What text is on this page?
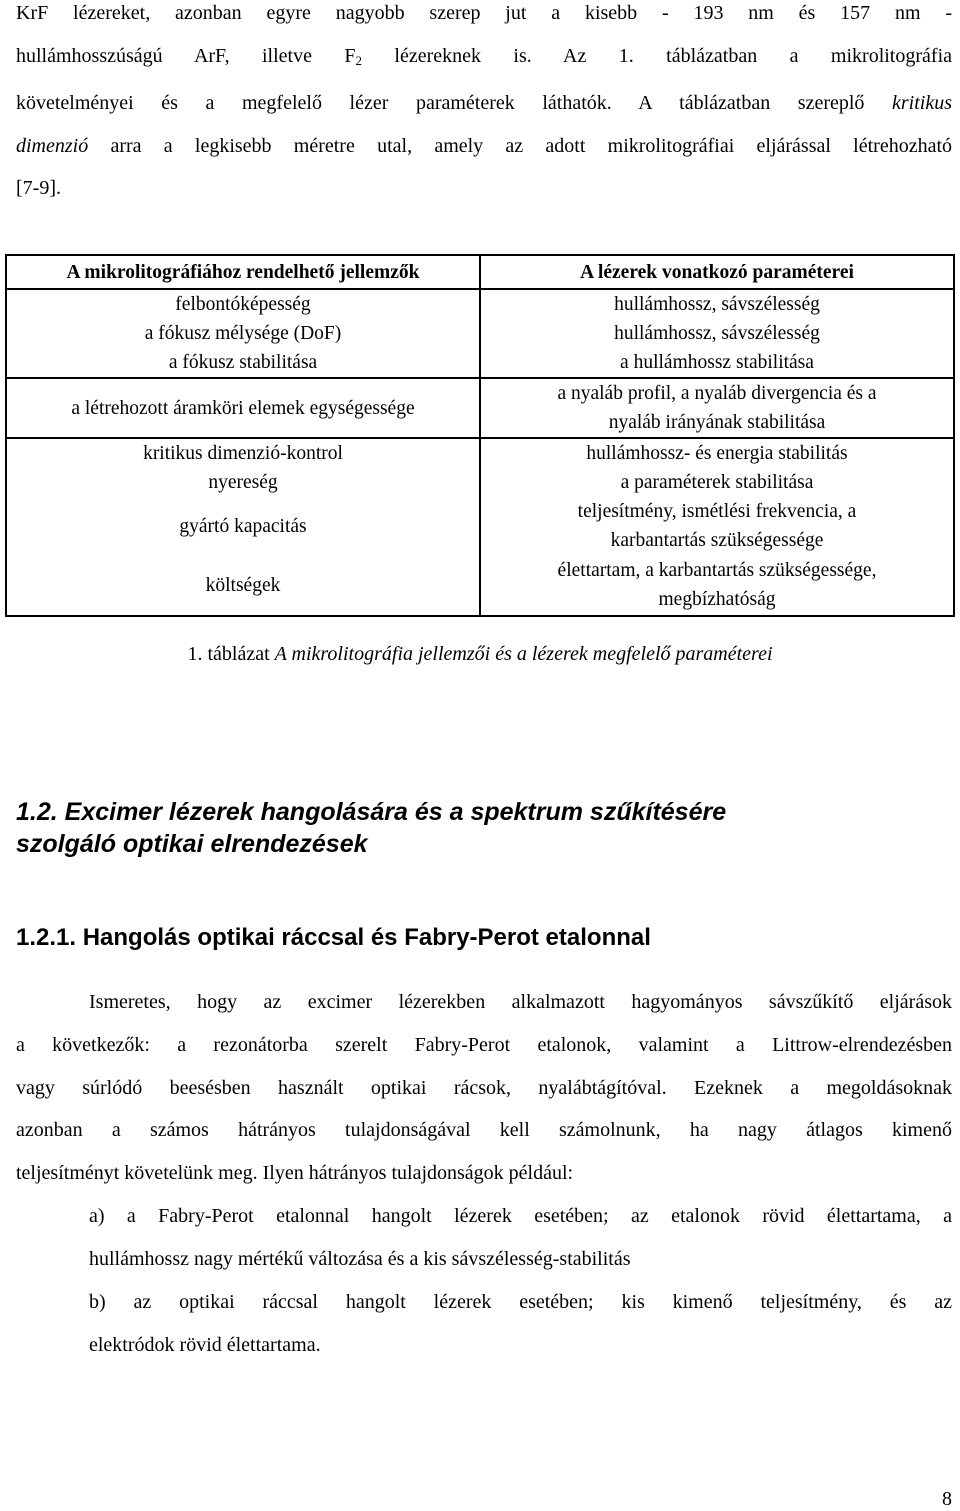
KrF lézereket, azonban egyre nagyobb szerep jut a kisebb - 193 nm és 157 nm -
hullámhosszúságú ArF, illetve $F_2$ lézereknek is. Az 1. táblázatban a mikrolitográfia
követelményei és a megfelelő lézer paraméterek láthatók. A táblázatban szereplő kritikus
dimenzió arra a legkisebb méretre utal, amely az adott mikrolitográfiai eljárással létrehozható
[7-9].
A mikrolitográfiához rendelhető jellemzők	A lézerek vonatkozó paraméterei
felbontóképesség	hullámhossz, sávszélesség
a fókusz mélysége (DoF)	hullámhossz, sávszélesség
a fókusz stabilitása	a hullámhossz stabilitása
a létrehozott áramköri elemek egységessége	a nyaláb profil, a nyaláb divergencia és a
nyaláb irányának stabilitása
kritikus dimenzió-kontrol	hullámhossz- és energia stabilitás
nyereség	a paraméterek stabilitása
gyártó kapacitás	teljesítmény, ismétlési frekvencia, a
karbantartás szükségessége
költségek	élettartam, a karbantartás szükségessége,
megbízhatóság
1. táblázat A mikrolitográfia jellemzői és a lézerek megfelelő paraméterei
1.2. Excimer lézerek hangolására és a spektrum szűkítésére
szolgáló optikai elrendezések
1.2.1. Hangolás optikai ráccsal és Fabry-Perot etalonnal
Ismeretes, hogy az excimer lézerekben alkalmazott hagyományos sávszűkítő eljárások
a következők: a rezonátorba szerelt Fabry-Perot etalonok, valamint a Littrow-elrendezésben
vagy súrlódó beesésben használt optikai rácsok, nyalábtágítóval. Ezeknek a megoldásoknak
azonban a számos hátrányos tulajdonságával kell számolnunk, ha nagy átlagos kimenő
teljesítményt követelünk meg. Ilyen hátrányos tulajdonságok például:
a) a Fabry-Perot etalonnal hangolt lézerek esetében; az etalonok rövid élettartama, a
hullámhossz nagy mértékű változása és a kis sávszélesség-stabilitás
b) az optikai ráccsal hangolt lézerek esetében; kis kimenő teljesítmény, és az
elektródok rövid élettartama.
8
